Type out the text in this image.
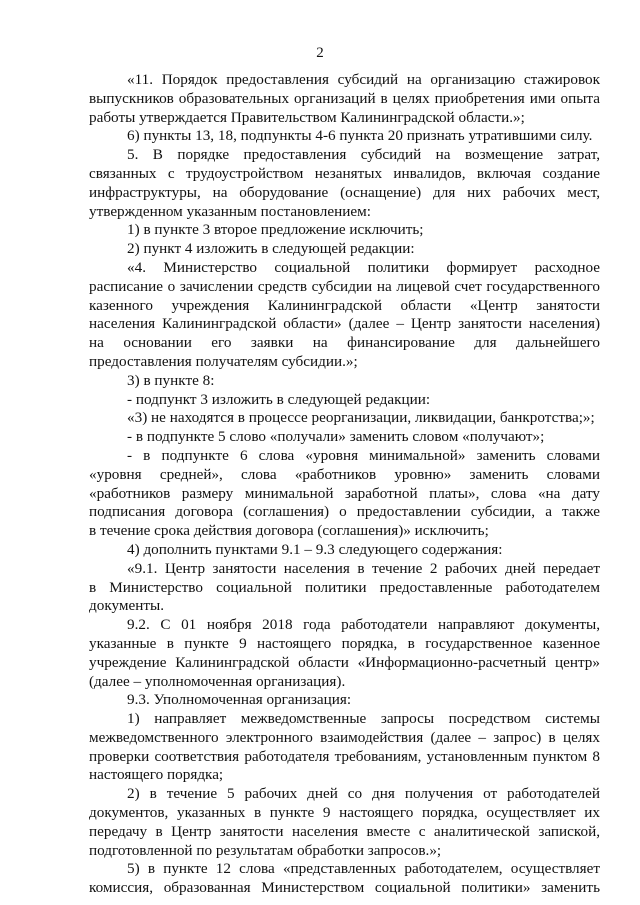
2
«11. Порядок предоставления субсидий на организацию стажировок
выпускников образовательных организаций в целях приобретения ими опыта
работы утверждается Правительством Калининградской области.»;
6) пункты 13, 18, подпункты 4-6 пункта 20 признать утратившими силу.
5. В порядке предоставления субсидий на возмещение затрат,
связанных с трудоустройством незанятых инвалидов, включая создание
инфраструктуры, на оборудование (оснащение) для них рабочих мест,
утвержденном указанным постановлением:
1) в пункте 3 второе предложение исключить;
2) пункт 4 изложить в следующей редакции:
«4. Министерство социальной политики формирует расходное
расписание о зачислении средств субсидии на лицевой счет государственного
казенного учреждения Калининградской области «Центр занятости
населения Калининградской области» (далее – Центр занятости населения)
на основании его заявки на финансирование для дальнейшего
предоставления получателям субсидии.»;
3) в пункте 8:
- подпункт 3 изложить в следующей редакции:
«3) не находятся в процессе реорганизации, ликвидации, банкротства;»;
- в подпункте 5 слово «получали» заменить словом «получают»;
- в подпункте 6 слова «уровня минимальной» заменить словами
«уровня средней», слова «работников уровню» заменить словами
«работников размеру минимальной заработной платы», слова «на дату
подписания договора (соглашения) о предоставлении субсидии, а также
в течение срока действия договора (соглашения)» исключить;
4) дополнить пунктами 9.1 – 9.3 следующего содержания:
«9.1. Центр занятости населения в течение 2 рабочих дней передает
в Министерство социальной политики предоставленные работодателем
документы.
9.2. С 01 ноября 2018 года работодатели направляют документы,
указанные в пункте 9 настоящего порядка, в государственное казенное
учреждение Калининградской области «Информационно-расчетный центр»
(далее – уполномоченная организация).
9.3. Уполномоченная организация:
1) направляет межведомственные запросы посредством системы
межведомственного электронного взаимодействия (далее – запрос) в целях
проверки соответствия работодателя требованиям, установленным пунктом 8
настоящего порядка;
2) в течение 5 рабочих дней со дня получения от работодателей
документов, указанных в пункте 9 настоящего порядка, осуществляет их
передачу в Центр занятости населения вместе с аналитической запиской,
подготовленной по результатам обработки запросов.»;
5) в пункте 12 слова «представленных работодателем, осуществляет
комиссия, образованная Министерством социальной политики» заменить
